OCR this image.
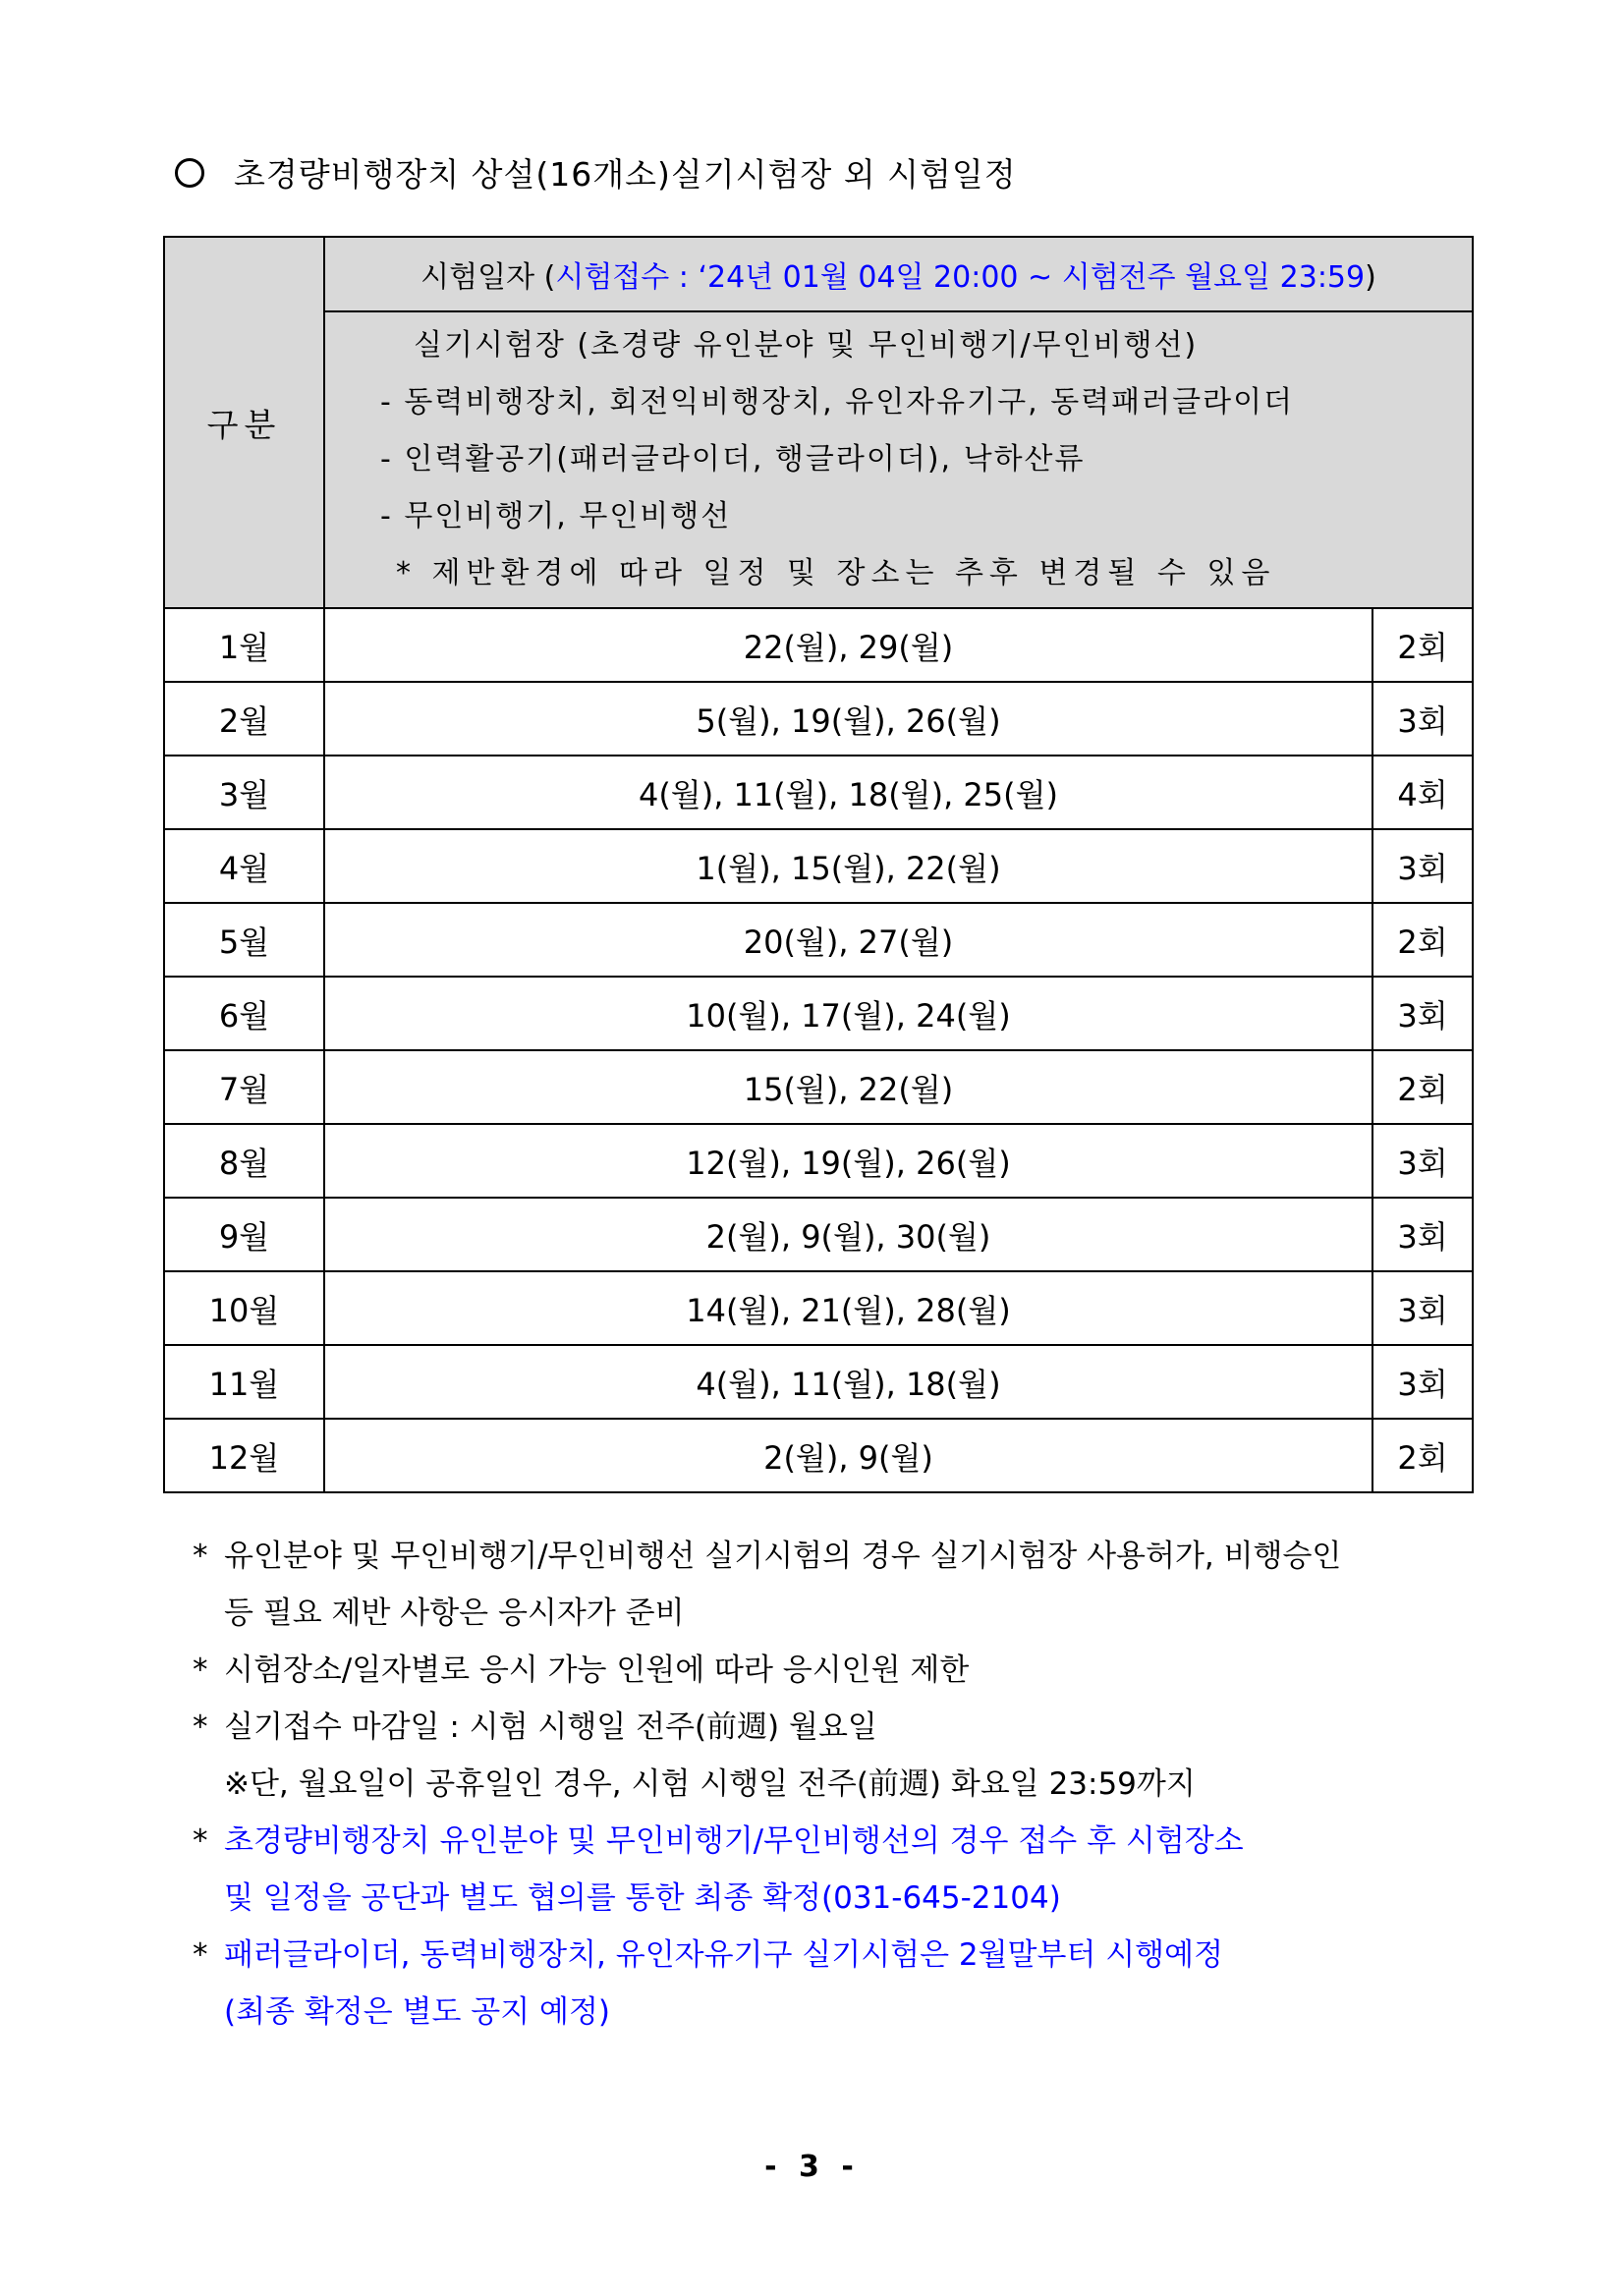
초경량비행장치 상설(16개소)실기시험장 외 시험일정
구분	시험일자 (시험접수 : ‘24년 01월 04일 20:00 ~ 시험전주 월요일 23:59)	

	실기시험장 (초경량 유인분야 및 무인비행기/무인비행선)
- 동력비행장치, 회전익비행장치, 유인자유기구, 동력패러글라이더
- 인력활공기(패러글라이더, 행글라이더), 낙하산류
- 무인비행기, 무인비행선
* 제반환경에 따라 일정 및 장소는 추후 변경될 수 있음	

1월	22(월), 29(월)	2회
2월	5(월), 19(월), 26(월)	3회
3월	4(월), 11(월), 18(월), 25(월)	4회
4월	1(월), 15(월), 22(월)	3회
5월	20(월), 27(월)	2회
6월	10(월), 17(월), 24(월)	3회
7월	15(월), 22(월)	2회
8월	12(월), 19(월), 26(월)	3회
9월	2(월), 9(월), 30(월)	3회
10월	14(월), 21(월), 28(월)	3회
11월	4(월), 11(월), 18(월)	3회
12월	2(월), 9(월)	2회
* 유인분야 및 무인비행기/무인비행선 실기시험의 경우 실기시험장 사용허가, 비행승인
등 필요 제반 사항은 응시자가 준비
* 시험장소/일자별로 응시 가능 인원에 따라 응시인원 제한
* 실기접수 마감일 : 시험 시행일 전주(前週) 월요일
※단, 월요일이 공휴일인 경우, 시험 시행일 전주(前週) 화요일 23:59까지
* 초경량비행장치 유인분야 및 무인비행기/무인비행선의 경우 접수 후 시험장소
및 일정을 공단과 별도 협의를 통한 최종 확정(031-645-2104)
* 패러글라이더, 동력비행장치, 유인자유기구 실기시험은 2월말부터 시행예정
(최종 확정은 별도 공지 예정)
- 3 -
